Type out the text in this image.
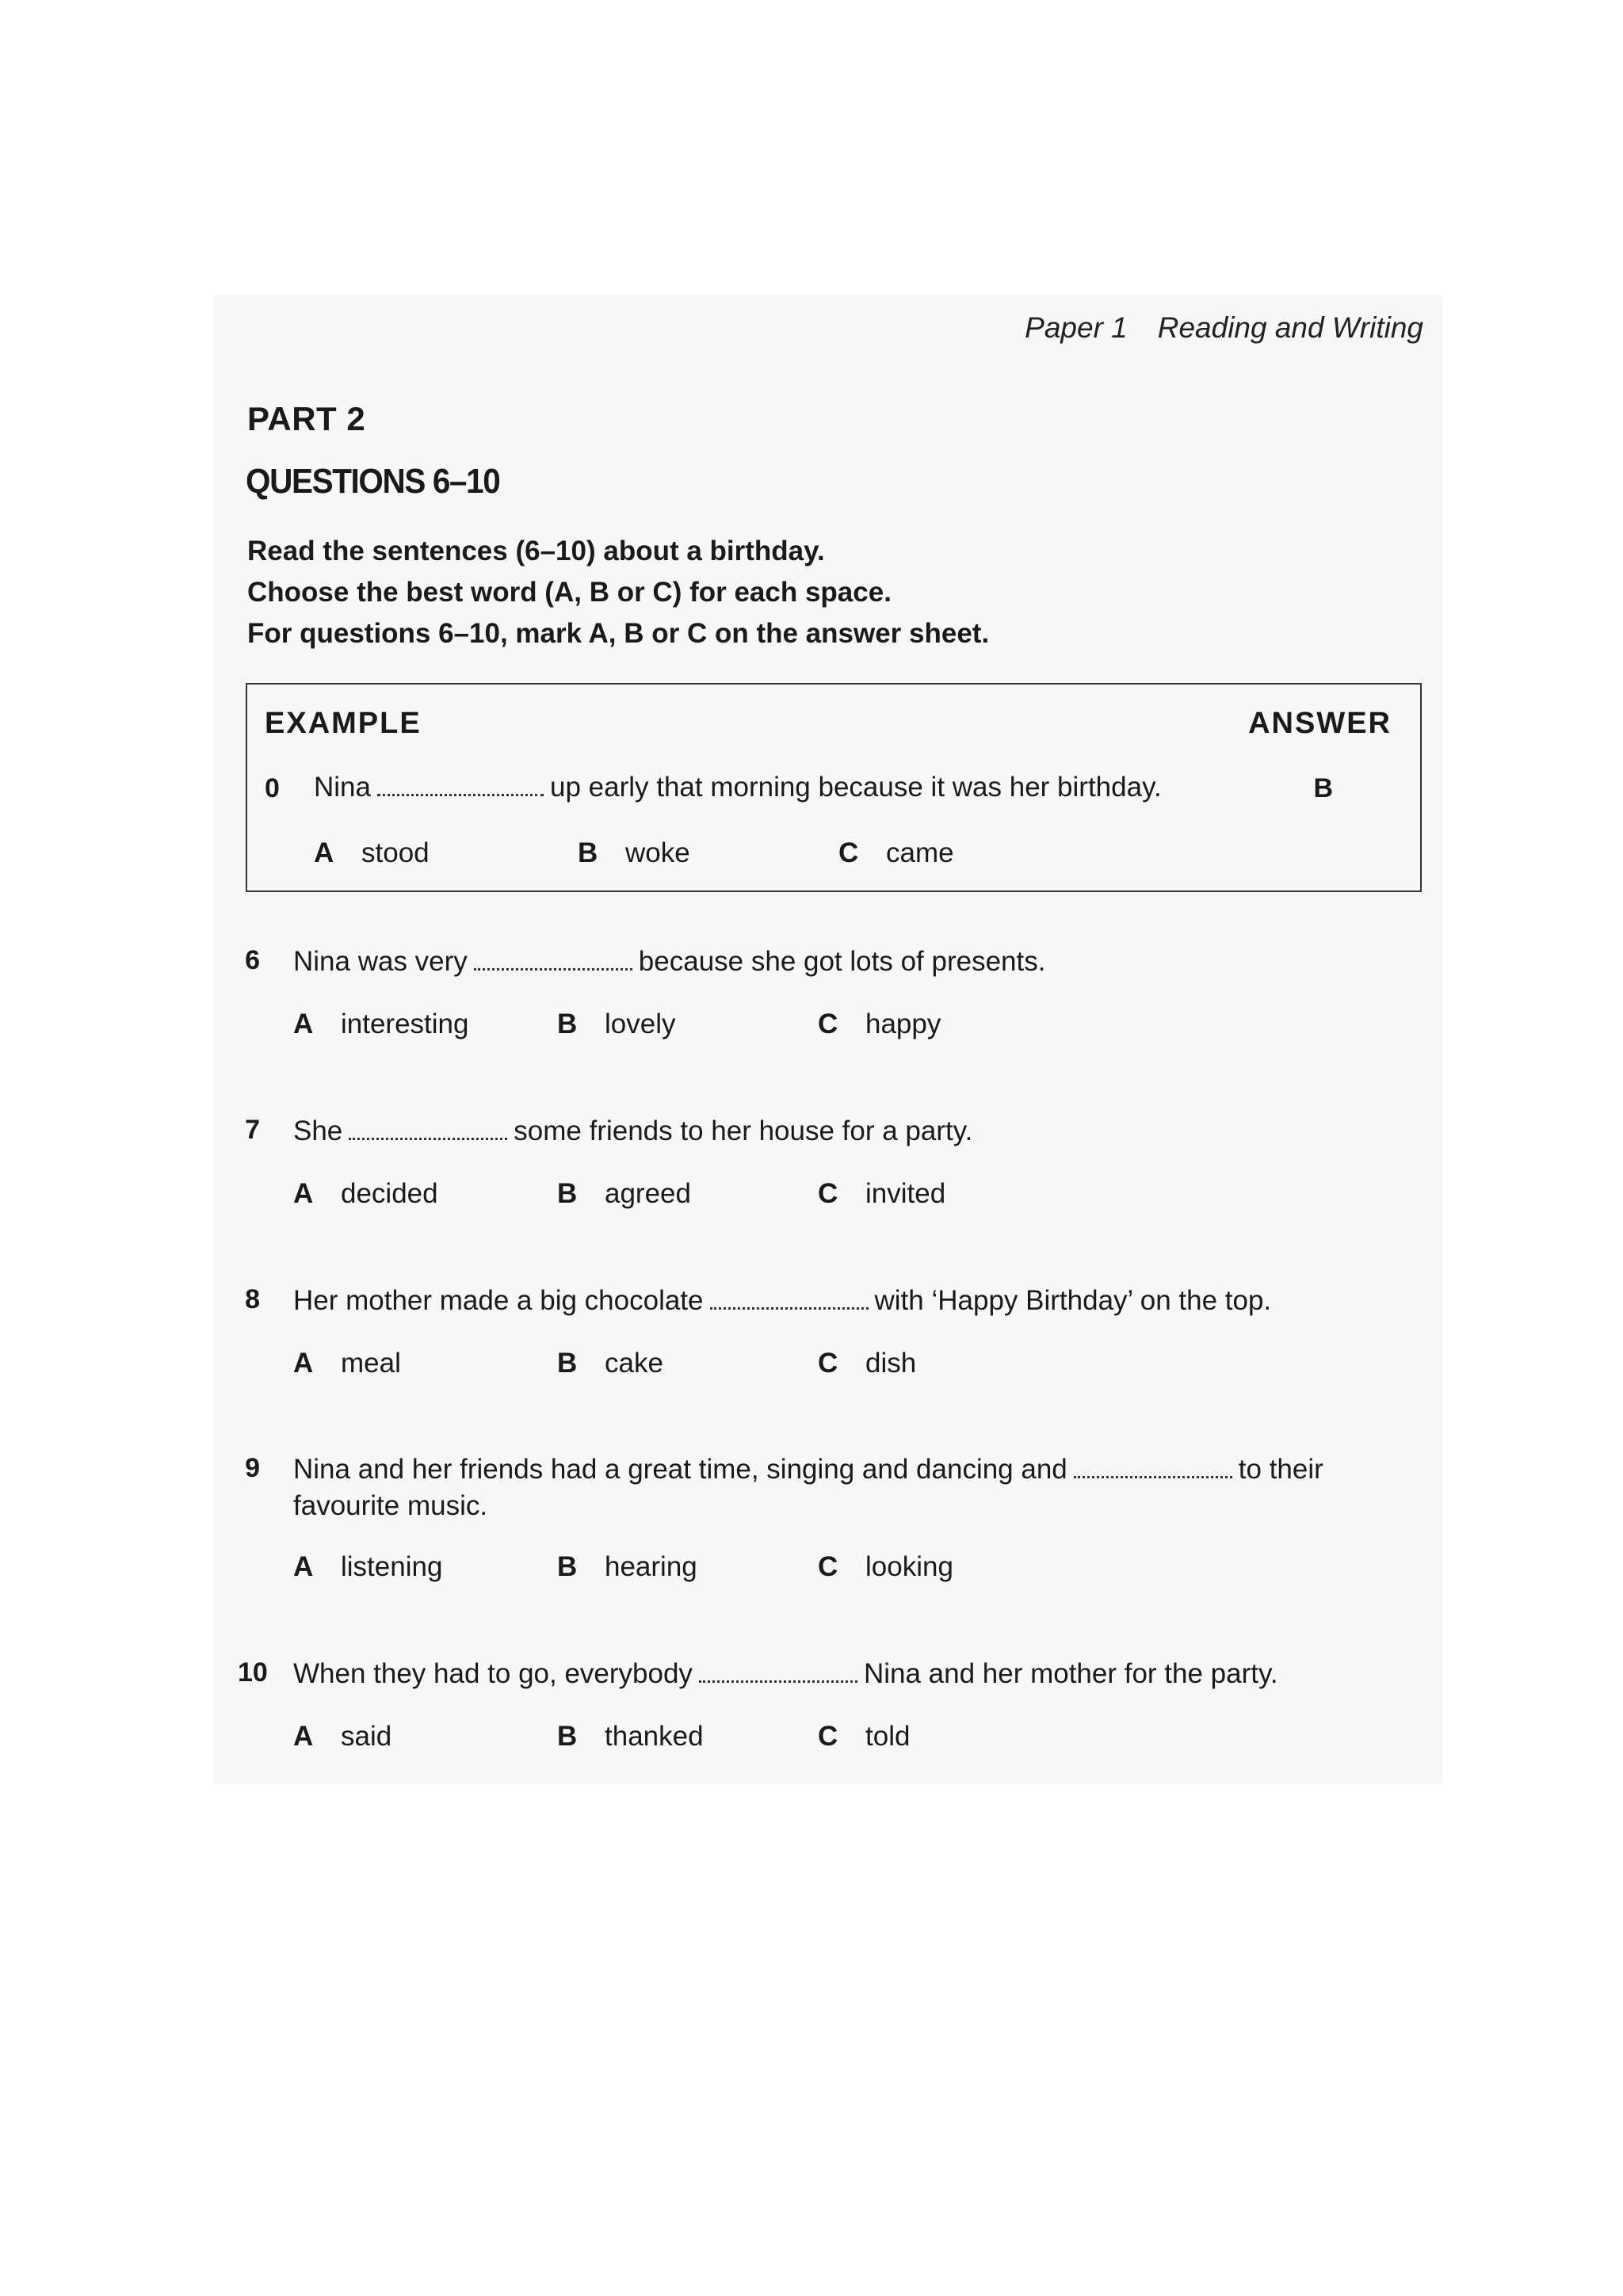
Paper 1 Reading and Writing
PART 2
QUESTIONS 6–10
Read the sentences (6–10) about a birthday.
Choose the best word (A, B or C) for each space.
For questions 6–10, mark A, B or C on the answer sheet.
EXAMPLE	ANSWER
0 Nina	up early that morning because it was her birthday.	B
A stood	B woke	C came
6 Nina was very	because she got lots of presents.
A interesting	B lovely	C happy
7 She	some friends to her house for a party.
A decided	B agreed	C invited
8 Her mother made a big chocolate	with ‘Happy Birthday’ on the top.
A meal	B cake	C dish
9 Nina and her friends had a great time, singing and dancing and	to their favourite music.
A listening	B hearing	C looking
10 When they had to go, everybody	Nina and her mother for the party.
A said	B thanked	C told
